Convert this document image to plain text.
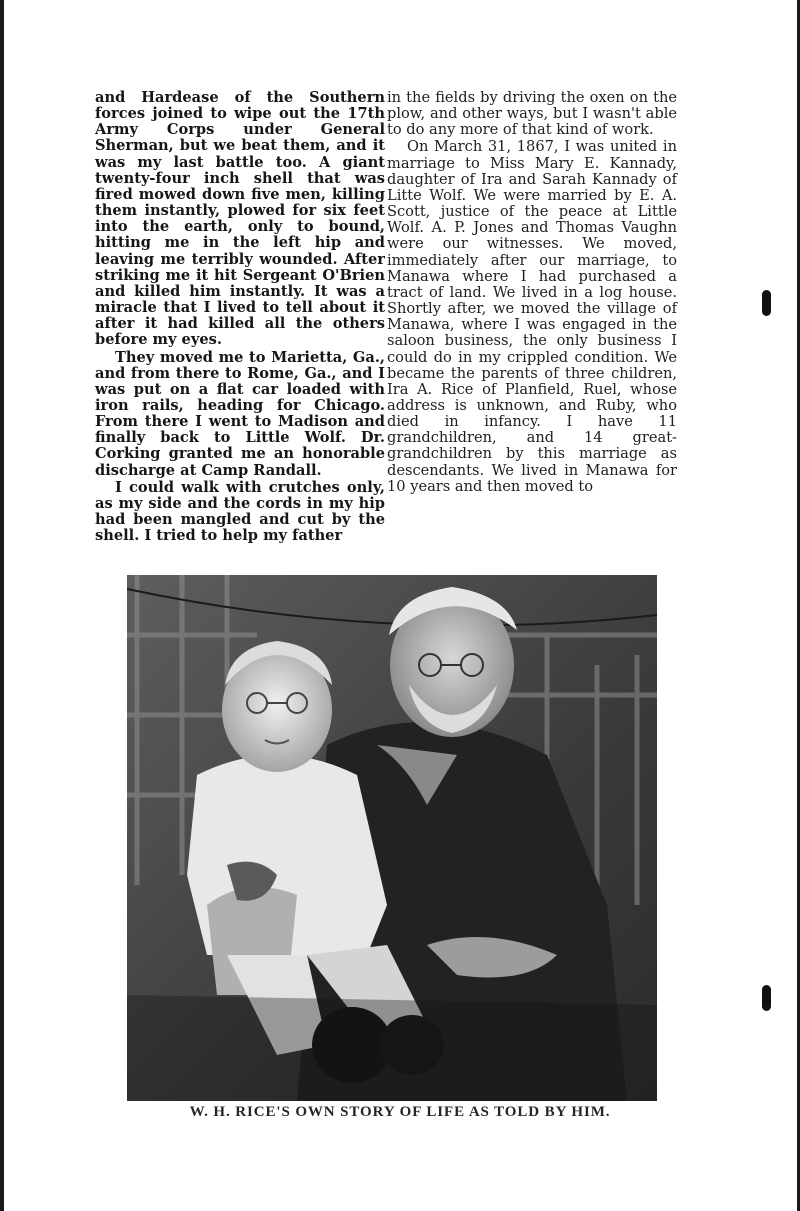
and Hardease of the Southern forces joined to wipe out the 17th Army Corps under General Sherman, but we beat them, and it was my last battle too. A giant twenty-four inch shell that was fired mowed down five men, killing them instantly, plowed for six feet into the earth, only to bound, hitting me in the left hip and leaving me terribly wounded. After striking me it hit Sergeant O'Brien and killed him instantly. It was a miracle that I lived to tell about it after it had killed all the others before my eyes.

They moved me to Marietta, Ga., and from there to Rome, Ga., and I was put on a flat car loaded with iron rails, heading for Chicago. From there I went to Madison and finally back to Little Wolf. Dr. Corking granted me an honorable discharge at Camp Randall.

I could walk with crutches only, as my side and the cords in my hip had been mangled and cut by the shell. I tried to help my father

in the fields by driving the oxen on the plow, and other ways, but I wasn't able to do any more of that kind of work.

On March 31, 1867, I was united in marriage to Miss Mary E. Kannady, daughter of Ira and Sarah Kannady of Litte Wolf. We were married by E. A. Scott, justice of the peace at Little Wolf. A. P. Jones and Thomas Vaughn were our witnesses. We moved, immediately after our marriage, to Manawa where I had purchased a tract of land. We lived in a log house. Shortly after, we moved the village of Manawa, where I was engaged in the saloon business, the only business I could do in my crippled condition. We became the parents of three children, Ira A. Rice of Planfield, Ruel, whose address is unknown, and Ruby, who died in infancy. I have 11 grandchildren, and 14 great-grandchildren by this marriage as descendants. We lived in Manawa for 10 years and then moved to

W. H. RICE'S OWN STORY OF LIFE AS TOLD BY HIM.
